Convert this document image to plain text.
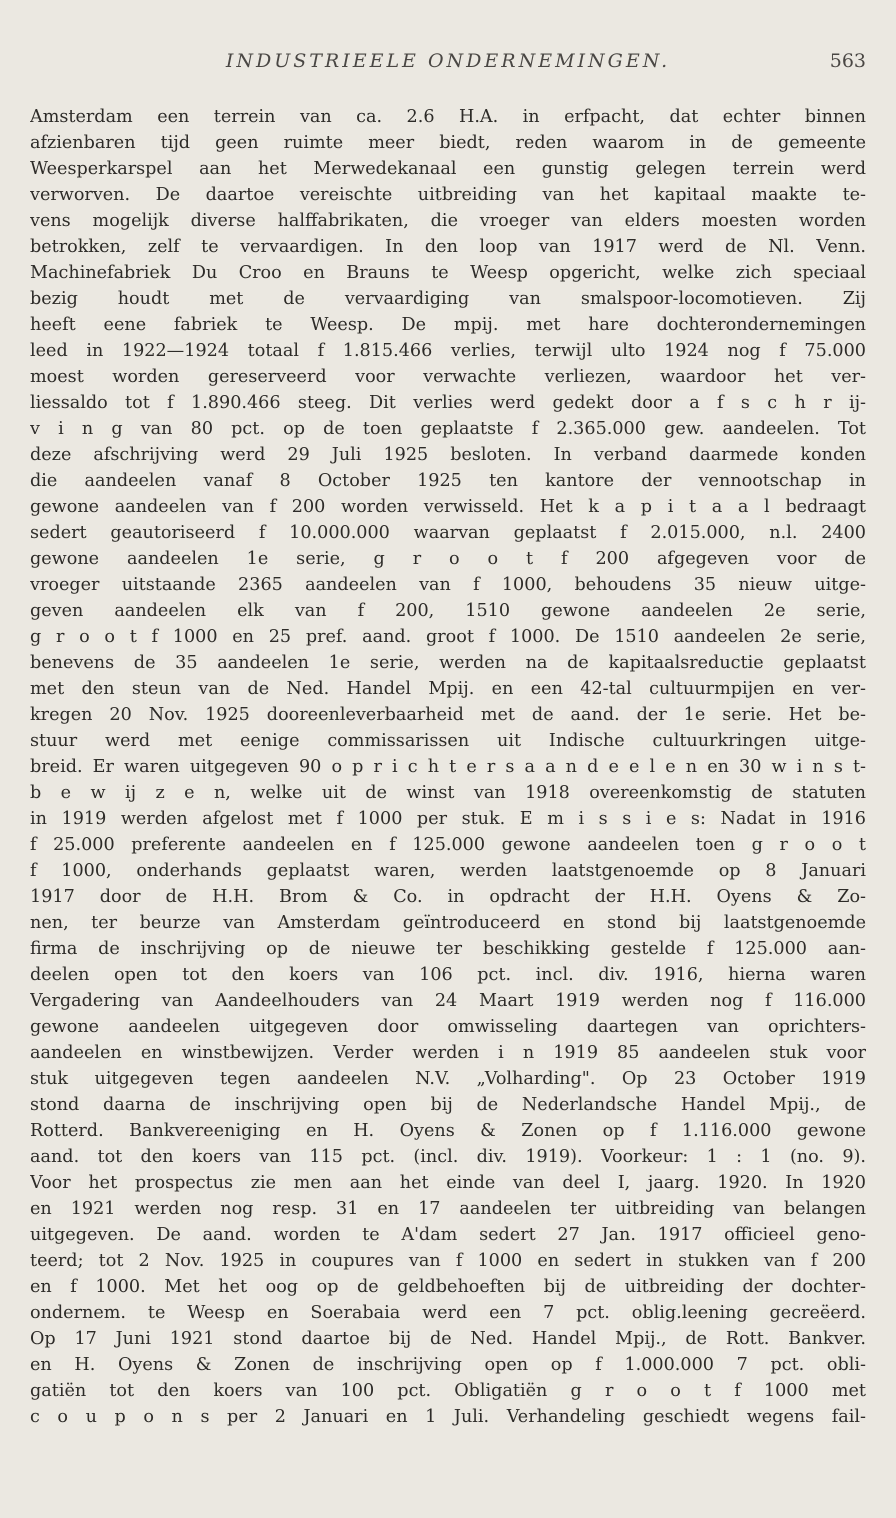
INDUSTRIEELE ONDERNEMINGEN.	563
Amsterdam een terrein van ca. 2.6 H.A. in erfpacht, dat echter binnen
afzienbaren tijd geen ruimte meer biedt, reden waarom in de gemeente
Weesperkarspel aan het Merwedekanaal een gunstig gelegen terrein werd
verworven. De daartoe vereischte uitbreiding van het kapitaal maakte te-
vens mogelijk diverse halffabrikaten, die vroeger van elders moesten worden
betrokken, zelf te vervaardigen. In den loop van 1917 werd de Nl. Venn.
Machinefabriek Du Croo en Brauns te Weesp opgericht, welke zich speciaal
bezig houdt met de vervaardiging van smalspoor-locomotieven. Zij
heeft eene fabriek te Weesp. De mpij. met hare dochterondernemingen
leed in 1922—1924 totaal f 1.815.466 verlies, terwijl ulto 1924 nog f 75.000
moest worden gereserveerd voor verwachte verliezen, waardoor het ver-
liessaldo tot f 1.890.466 steeg. Dit verlies werd gedekt door a f s c h r ij-
v i n g van 80 pct. op de toen geplaatste f 2.365.000 gew. aandeelen. Tot
deze afschrijving werd 29 Juli 1925 besloten. In verband daarmede konden
die aandeelen vanaf 8 October 1925 ten kantore der vennootschap in
gewone aandeelen van f 200 worden verwisseld. Het k a p i t a a l bedraagt
sedert geautoriseerd f 10.000.000 waarvan geplaatst f 2.015.000, n.l. 2400
gewone aandeelen 1e serie, g r o o t f 200 afgegeven voor de
vroeger uitstaande 2365 aandeelen van f 1000, behoudens 35 nieuw uitge-
geven aandeelen elk van f 200, 1510 gewone aandeelen 2e serie,
g r o o t f 1000 en 25 pref. aand. groot f 1000. De 1510 aandeelen 2e serie,
benevens de 35 aandeelen 1e serie, werden na de kapitaalsreductie geplaatst
met den steun van de Ned. Handel Mpij. en een 42-tal cultuurmpijen en ver-
kregen 20 Nov. 1925 dooreenleverbaarheid met de aand. der 1e serie. Het be-
stuur werd met eenige commissarissen uit Indische cultuurkringen uitge-
breid. Er waren uitgegeven 90 o p r i c h t e r s a a n d e e l e n en 30 w i n s t-
b e w ij z e n, welke uit de winst van 1918 overeenkomstig de statuten
in 1919 werden afgelost met f 1000 per stuk. E m i s s i e s: Nadat in 1916
f 25.000 preferente aandeelen en f 125.000 gewone aandeelen toen g r o o t
f 1000, onderhands geplaatst waren, werden laatstgenoemde op 8 Januari
1917 door de H.H. Brom & Co. in opdracht der H.H. Oyens & Zo-
nen, ter beurze van Amsterdam geïntroduceerd en stond bij laatstgenoemde
firma de inschrijving op de nieuwe ter beschikking gestelde f 125.000 aan-
deelen open tot den koers van 106 pct. incl. div. 1916, hierna waren
Vergadering van Aandeelhouders van 24 Maart 1919 werden nog f 116.000
gewone aandeelen uitgegeven door omwisseling daartegen van oprichters-
aandeelen en winstbewijzen. Verder werden i n 1919 85 aandeelen stuk voor
stuk uitgegeven tegen aandeelen N.V. „Volharding". Op 23 October 1919
stond daarna de inschrijving open bij de Nederlandsche Handel Mpij., de
Rotterd. Bankvereeniging en H. Oyens & Zonen op f 1.116.000 gewone
aand. tot den koers van 115 pct. (incl. div. 1919). Voorkeur: 1 : 1 (no. 9).
Voor het prospectus zie men aan het einde van deel I, jaarg. 1920. In 1920
en 1921 werden nog resp. 31 en 17 aandeelen ter uitbreiding van belangen
uitgegeven. De aand. worden te A'dam sedert 27 Jan. 1917 officieel geno-
teerd; tot 2 Nov. 1925 in coupures van f 1000 en sedert in stukken van f 200
en f 1000. Met het oog op de geldbehoeften bij de uitbreiding der dochter-
ondernem. te Weesp en Soerabaia werd een 7 pct. oblig.leening gecreëerd.
Op 17 Juni 1921 stond daartoe bij de Ned. Handel Mpij., de Rott. Bankver.
en H. Oyens & Zonen de inschrijving open op f 1.000.000 7 pct. obli-
gatiën tot den koers van 100 pct. Obligatiën g r o o t f 1000 met
c o u p o n s per 2 Januari en 1 Juli. Verhandeling geschiedt wegens fail-
